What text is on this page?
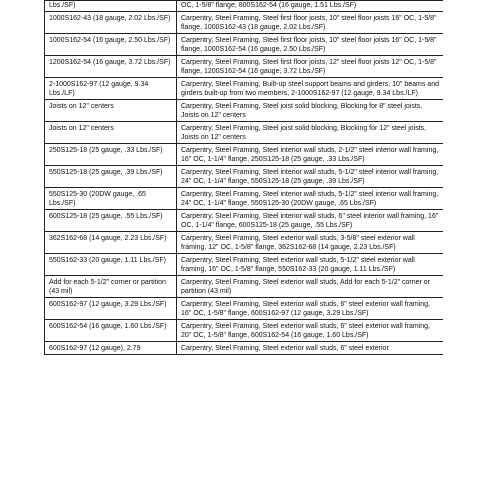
Lbs./SF)	OC, 1-5/8" flange, 800S162-54 (16 gauge, 1.51 Lbs./SF)
1000S162-43 (18 gauge, 2.02 Lbs./SF)	Carpentry, Steel Framing, Steel first floor joists, 10" steel floor joists 16" OC, 1-5/8" flange, 1000S162-43 (18 gauge, 2.02 Lbs./SF)
1000S162-54 (16 gauge, 2.50 Lbs./SF)	Carpentry, Steel Framing, Steel first floor joists, 10" steel floor joists 16" OC, 1-5/8" flange, 1000S162-54 (16 gauge, 2.50 Lbs./SF)
1200S162-54 (16 gauge, 3.72 Lbs./SF)	Carpentry, Steel Framing, Steel first floor joists, 12" steel floor joists 12" OC, 1-5/8" flange, 1200S162-54 (16 gauge, 3.72 Lbs./SF)
2-1000S162-97 (12 gauge, 9.34 Lbs./LF)	Carpentry, Steel Framing, Built-up steel support beams and girders, 10" beams and girders built-up from two members, 2-1000S162-97 (12 gauge, 9.34 Lbs./LF)
Joists on 12" centers	Carpentry, Steel Framing, Steel joist solid blocking, Blocking for 8" steel joists, Joists on 12" centers
Joists on 12" centers	Carpentry, Steel Framing, Steel joist solid blocking, Blocking for 12" steel joists, Joists on 12" centers
250S125-18 (25 gauge, .33 Lbs./SF)	Carpentry, Steel Framing, Steel interior wall studs, 2-1/2" steel interior wall framing, 16" OC, 1-1/4" flange, 250S125-18 (25 gauge, .33 Lbs./SF)
550S125-18 (25 gauge, .39 Lbs./SF)	Carpentry, Steel Framing, Steel interior wall studs, 5-1/2" steel interior wall framing, 24" OC, 1-1/4" flange, 550S125-18 (25 gauge, .39 Lbs./SF)
550S125-30 (20DW gauge, .65 Lbs./SF)	Carpentry, Steel Framing, Steel interior wall studs, 5-1/2" steel interior wall framing, 24" OC, 1-1/4" flange, 550S125-30 (20DW gauge, .65 Lbs./SF)
600S125-18 (25 gauge, .55 Lbs./SF)	Carpentry, Steel Framing, Steel interior wall studs, 6" steel interior wall framing, 16" OC, 1-1/4" flange, 600S125-18 (25 gauge, .55 Lbs./SF)
362S162-68 (14 gauge, 2.23 Lbs./SF)	Carpentry, Steel Framing, Steel exterior wall studs, 3-5/8" steel exterior wall framing, 12" OC, 1-5/8" flange, 362S162-68 (14 gauge, 2.23 Lbs./SF)
550S162-33 (20 gauge, 1.11 Lbs./SF)	Carpentry, Steel Framing, Steel exterior wall studs, 5-1/2" steel exterior wall framing, 16" OC, 1-5/8" flange, 550S162-33 (20 gauge, 1.11 Lbs./SF)
Add for each 5-1/2" corner or partition (43 mil)	Carpentry, Steel Framing, Steel exterior wall studs, Add for each 5-1/2" corner or partition (43 mil)
600S162-97 (12 gauge, 3.29 Lbs./SF)	Carpentry, Steel Framing, Steel exterior wall studs, 6" steel exterior wall framing, 16" OC, 1-5/8" flange, 600S162-97 (12 gauge, 3.29 Lbs./SF)
600S162-54 (16 gauge, 1.60 Lbs./SF)	Carpentry, Steel Framing, Steel exterior wall studs, 6" steel exterior wall framing, 20" OC, 1-5/8" flange, 600S162-54 (16 gauge, 1.60 Lbs./SF)
600S162-97 (12 gauge), 2.79	Carpentry, Steel Framing, Steel exterior wall studs, 6" steel exterior
